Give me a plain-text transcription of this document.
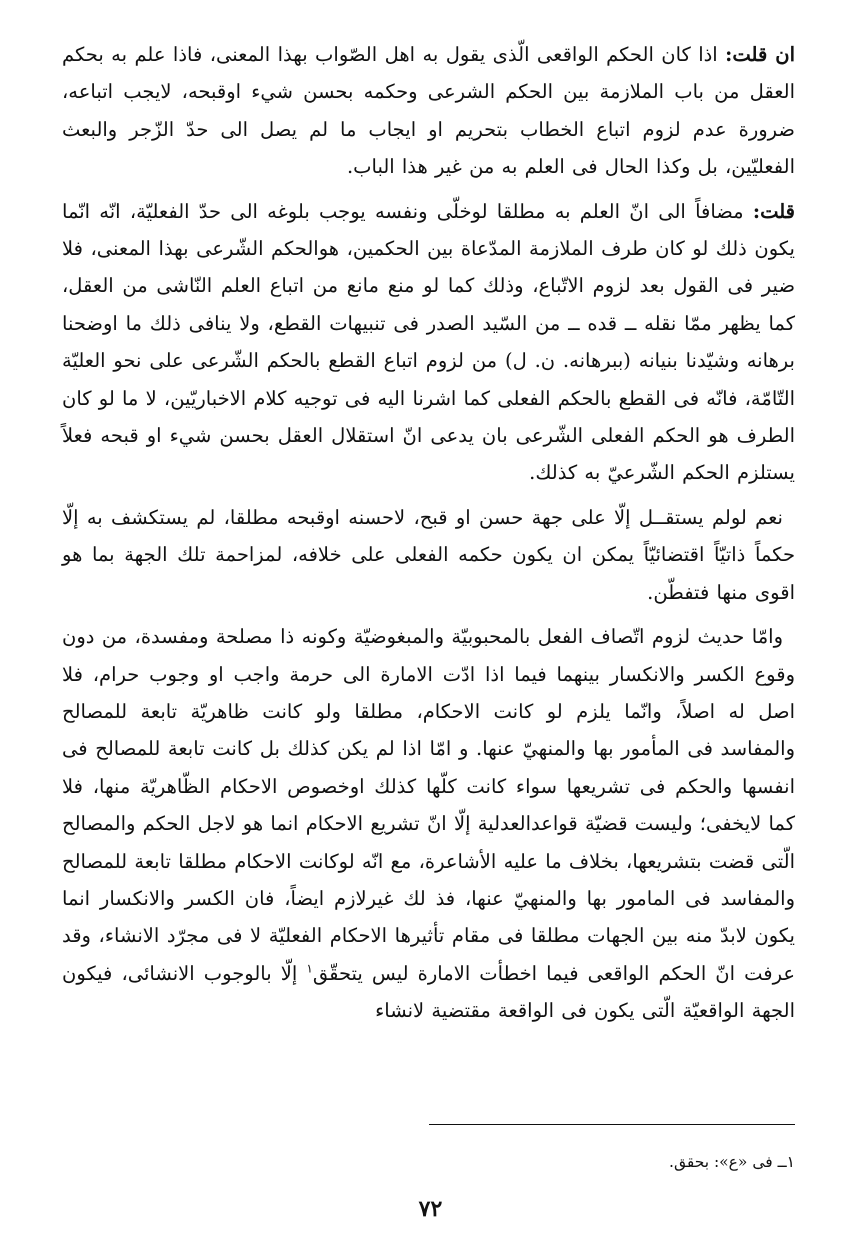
ان قلت: اذا كان الحكم الواقعى الّذى يقول به اهل الصّواب بهذا المعنى، فاذا علم به بحكم العقل من باب الملازمة بين الحكم الشرعى وحكمه بحسن شيء اوقبحه، لايجب اتباعه، ضرورة عدم لزوم اتباع الخطاب بتحريم او ايجاب ما لم يصل الى حدّ الزّجر والبعث الفعليّين، بل وكذا الحال فى العلم به من غير هذا الباب.

قلت: مضافاً الى انّ العلم به مطلقا لوخلّى ونفسه يوجب بلوغه الى حدّ الفعليّة، انّه انّما يكون ذلك لو كان طرف الملازمة المدّعاة بين الحكمين، هوالحكم الشّرعى بهذا المعنى، فلا ضير فى القول بعد لزوم الاتّباع، وذلك كما لو منع مانع من اتباع العلم النّاشى من العقل، كما يظهر ممّا نقله ــ قده ــ من السّيد الصدر فى تنبيهات القطع، ولا ينافى ذلك ما اوضحنا برهانه وشيّدنا بنيانه (ببرهانه. ن. ل) من لزوم اتباع القطع بالحكم الشّرعى على نحو العليّة التّامّة، فانّه فى القطع بالحكم الفعلى كما اشرنا اليه فى توجيه كلام الاخباريّين، لا ما لو كان الطرف هو الحكم الفعلى الشّرعى بان يدعى انّ استقلال العقل بحسن شيء او قبحه فعلاً يستلزم الحكم الشّرعيّ به كذلك.

نعم لولم يستقــل إلّا على جهة حسن او قبح، لاحسنه اوقبحه مطلقا، لم يستكشف به إلّا حكماً ذاتيّاً اقتضائيّاً يمكن ان يكون حكمه الفعلى على خلافه، لمزاحمة تلك الجهة بما هو اقوى منها فتفطّن.

وامّا حديث لزوم اتّصاف الفعل بالمحبوبيّة والمبغوضيّة وكونه ذا مصلحة ومفسدة، من دون وقوع الكسر والانكسار بينهما فيما اذا ادّت الامارة الى حرمة واجب او وجوب حرام، فلا اصل له اصلاً، وانّما يلزم لو كانت الاحكام، مطلقا ولو كانت ظاهريّة تابعة للمصالح والمفاسد فى المأمور بها والمنهيّ عنها. و امّا اذا لم يكن كذلك بل كانت تابعة للمصالح فى انفسها والحكم فى تشريعها سواء كانت كلّها كذلك اوخصوص الاحكام الظّاهريّة منها، فلا كما لايخفى؛ وليست قضيّة قواعدالعدلية إلّا انّ تشريع الاحكام انما هو لاجل الحكم والمصالح الّتى قضت بتشريعها، بخلاف ما عليه الأشاعرة، مع انّه لوكانت الاحكام مطلقا تابعة للمصالح والمفاسد فى المامور بها والمنهيّ عنها، فذ لك غيرلازم ايضاً، فان الكسر والانكسار انما يكون لابدّ منه بين الجهات مطلقا فى مقام تأثيرها الاحكام الفعليّة لا فى مجرّد الانشاء، وقد عرفت انّ الحكم الواقعى فيما اخطأت الامارة ليس يتحقّق$^١$ إلّا بالوجوب الانشائى، فيكون الجهة الواقعيّة الّتى يكون فى الواقعة مقتضية لانشاء

١ــ فى «ع»: بحقق.
٧٢
